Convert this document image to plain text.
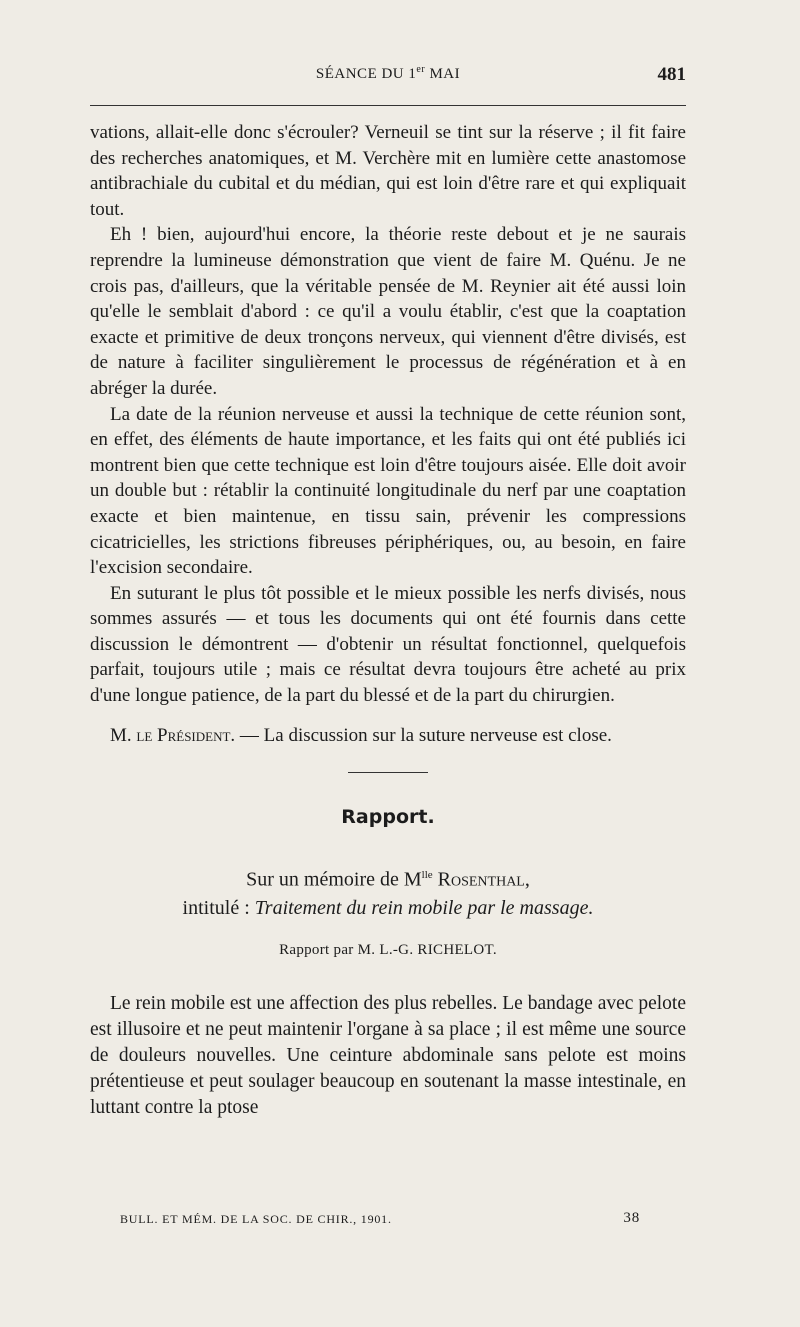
SÉANCE DU 1er MAI	481

vations, allait-elle donc s'écrouler? Verneuil se tint sur la réserve ; il fit faire des recherches anatomiques, et M. Verchère mit en lumière cette anastomose antibrachiale du cubital et du médian, qui est loin d'être rare et qui expliquait tout.

Eh ! bien, aujourd'hui encore, la théorie reste debout et je ne saurais reprendre la lumineuse démonstration que vient de faire M. Quénu. Je ne crois pas, d'ailleurs, que la véritable pensée de M. Reynier ait été aussi loin qu'elle le semblait d'abord : ce qu'il a voulu établir, c'est que la coaptation exacte et primitive de deux tronçons nerveux, qui viennent d'être divisés, est de nature à faciliter singulièrement le processus de régénération et à en abréger la durée.

La date de la réunion nerveuse et aussi la technique de cette réunion sont, en effet, des éléments de haute importance, et les faits qui ont été publiés ici montrent bien que cette technique est loin d'être toujours aisée. Elle doit avoir un double but : rétablir la continuité longitudinale du nerf par une coaptation exacte et bien maintenue, en tissu sain, prévenir les compressions cicatricielles, les strictions fibreuses périphériques, ou, au besoin, en faire l'excision secondaire.

En suturant le plus tôt possible et le mieux possible les nerfs divisés, nous sommes assurés — et tous les documents qui ont été fournis dans cette discussion le démontrent — d'obtenir un résultat fonctionnel, quelquefois parfait, toujours utile ; mais ce résultat devra toujours être acheté au prix d'une longue patience, de la part du blessé et de la part du chirurgien.

M. le Président. — La discussion sur la suture nerveuse est close.

Rapport.
Sur un mémoire de $M^{lle}$ Rosenthal,
intitulé : Traitement du rein mobile par le massage.
Rapport par M. L.-G. RICHELOT.

Le rein mobile est une affection des plus rebelles. Le bandage avec pelote est illusoire et ne peut maintenir l'organe à sa place ; il est même une source de douleurs nouvelles. Une ceinture abdominale sans pelote est moins prétentieuse et peut soulager beaucoup en soutenant la masse intestinale, en luttant contre la ptose

BULL. ET MÉM. DE LA SOC. DE CHIR., 1901.	38
